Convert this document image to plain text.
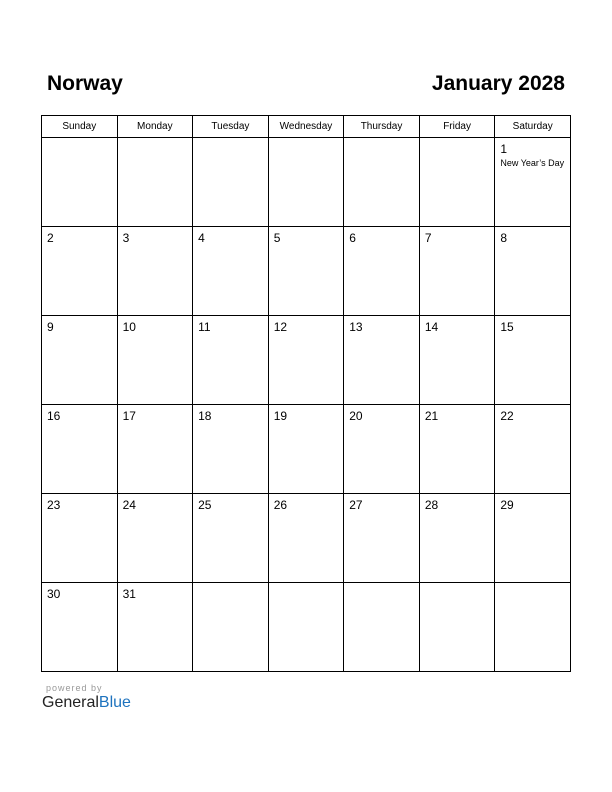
Norway	January 2028
Sunday	Monday	Tuesday	Wednesday	Thursday	Friday	Saturday

						1
New Year’s Day

2	3	4	5	6	7	8

9	10	11	12	13	14	15

16	17	18	19	20	21	22

23	24	25	26	27	28	29

30	31					

powered by
GeneralBlue
